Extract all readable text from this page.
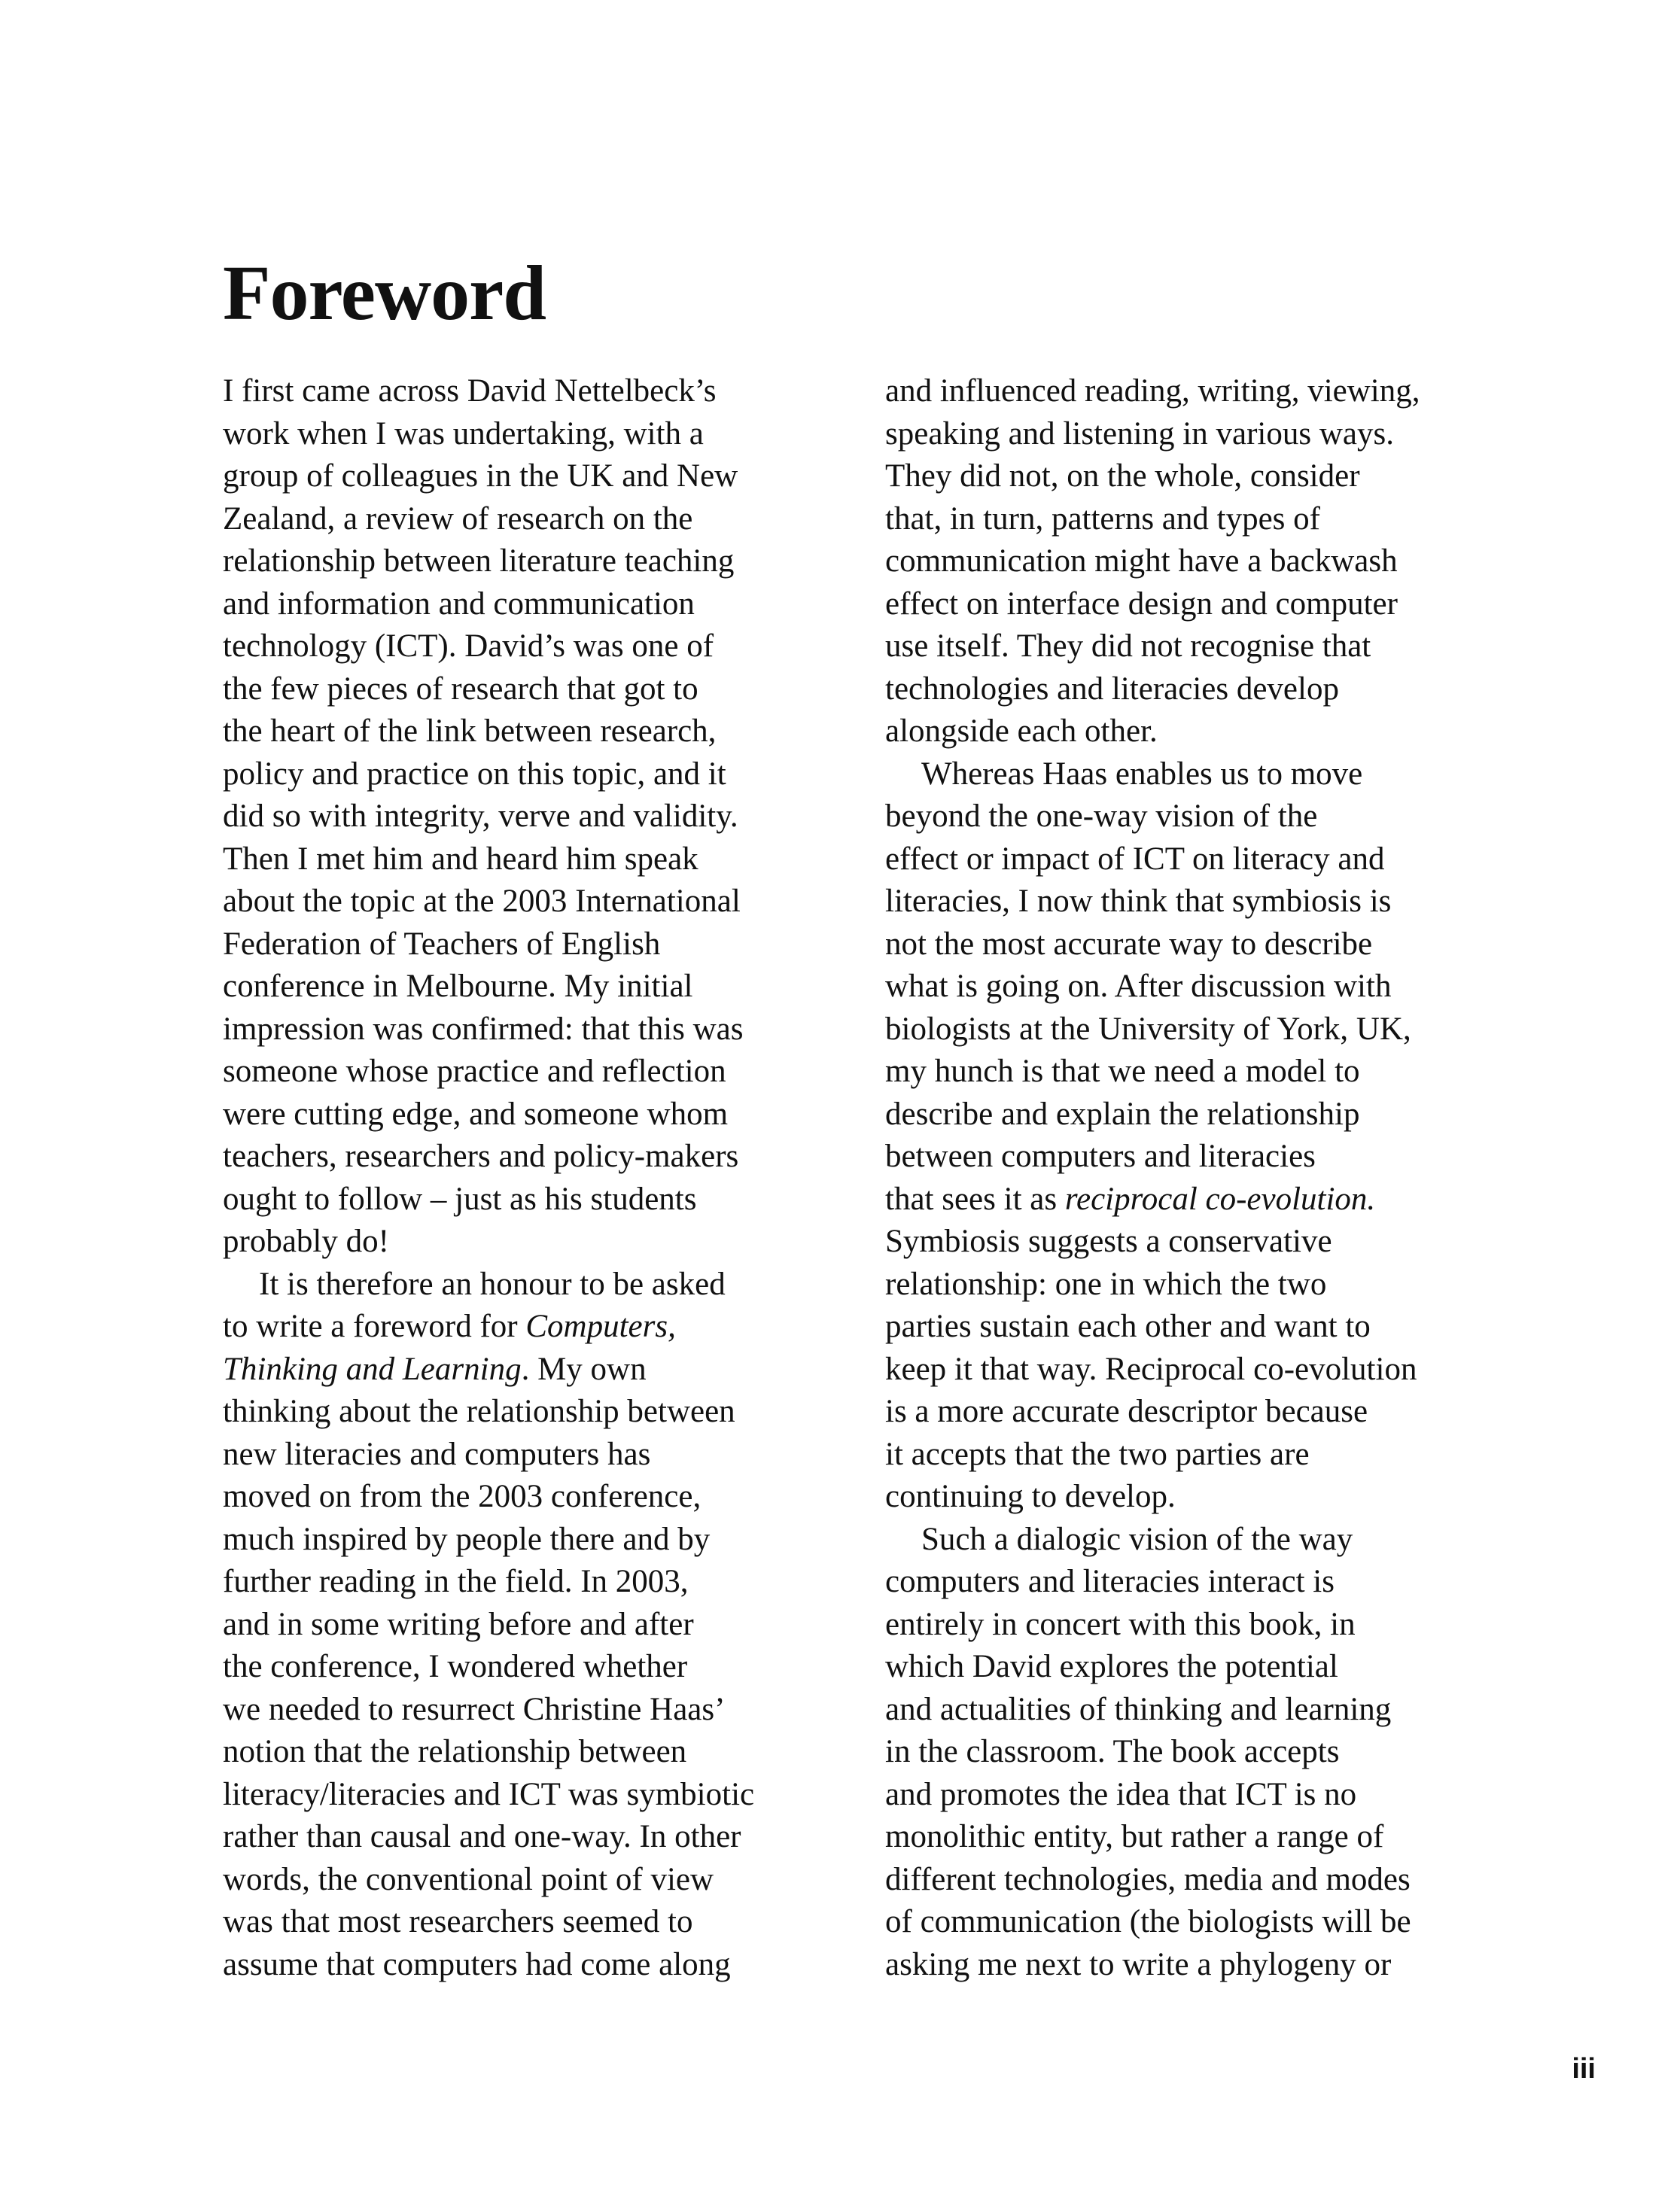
Foreword
I first came across David Nettelbeck’s
work when I was undertaking, with a
group of colleagues in the UK and New
Zealand, a review of research on the
relationship between literature teaching
and information and communication
technology (ICT). David’s was one of
the few pieces of research that got to
the heart of the link between research,
policy and practice on this topic, and it
did so with integrity, verve and validity.
Then I met him and heard him speak
about the topic at the 2003 International
Federation of Teachers of English
conference in Melbourne. My initial
impression was confirmed: that this was
someone whose practice and reflection
were cutting edge, and someone whom
teachers, researchers and policy-makers
ought to follow – just as his students
probably do!
It is therefore an honour to be asked
to write a foreword for Computers,
Thinking and Learning. My own
thinking about the relationship between
new literacies and computers has
moved on from the 2003 conference,
much inspired by people there and by
further reading in the field. In 2003,
and in some writing before and after
the conference, I wondered whether
we needed to resurrect Christine Haas’
notion that the relationship between
literacy/literacies and ICT was symbiotic
rather than causal and one-way. In other
words, the conventional point of view
was that most researchers seemed to
assume that computers had come along
and influenced reading, writing, viewing,
speaking and listening in various ways.
They did not, on the whole, consider
that, in turn, patterns and types of
communication might have a backwash
effect on interface design and computer
use itself. They did not recognise that
technologies and literacies develop
alongside each other.
Whereas Haas enables us to move
beyond the one-way vision of the
effect or impact of ICT on literacy and
literacies, I now think that symbiosis is
not the most accurate way to describe
what is going on. After discussion with
biologists at the University of York, UK,
my hunch is that we need a model to
describe and explain the relationship
between computers and literacies
that sees it as reciprocal co-evolution.
Symbiosis suggests a conservative
relationship: one in which the two
parties sustain each other and want to
keep it that way. Reciprocal co-evolution
is a more accurate descriptor because
it accepts that the two parties are
continuing to develop.
Such a dialogic vision of the way
computers and literacies interact is
entirely in concert with this book, in
which David explores the potential
and actualities of thinking and learning
in the classroom. The book accepts
and promotes the idea that ICT is no
monolithic entity, but rather a range of
different technologies, media and modes
of communication (the biologists will be
asking me next to write a phylogeny or
iii
